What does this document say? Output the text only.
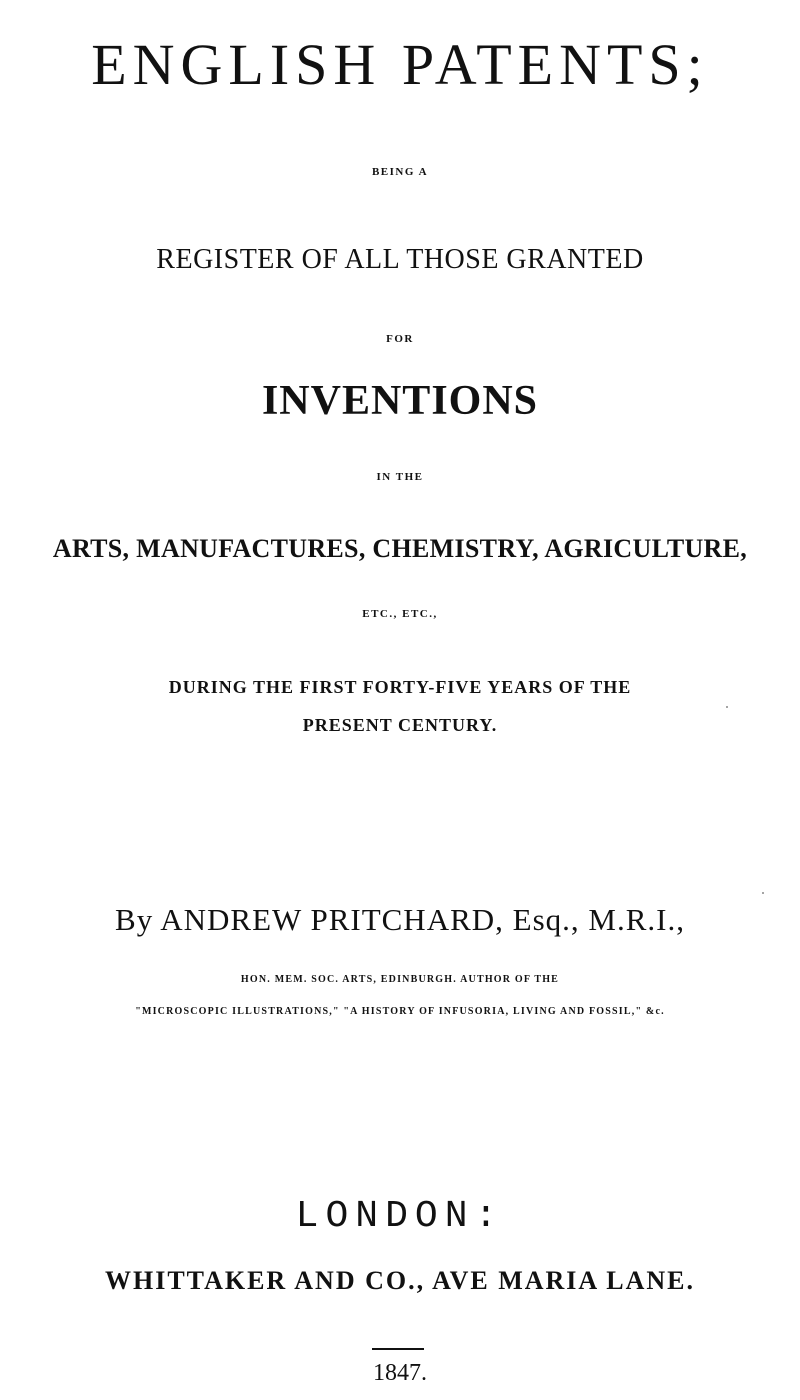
ENGLISH PATENTS;
BEING A
REGISTER OF ALL THOSE GRANTED
FOR
INVENTIONS
IN THE
ARTS, MANUFACTURES, CHEMISTRY, AGRICULTURE,
ETC., ETC.,
DURING THE FIRST FORTY-FIVE YEARS OF THE
PRESENT CENTURY.
By ANDREW PRITCHARD, Esq., M.R.I.,
HON. MEM. SOC. ARTS, EDINBURGH. AUTHOR OF THE
"MICROSCOPIC ILLUSTRATIONS," "A HISTORY OF INFUSORIA, LIVING AND FOSSIL," &c.
LONDON:
WHITTAKER AND CO., AVE MARIA LANE.
1847.
